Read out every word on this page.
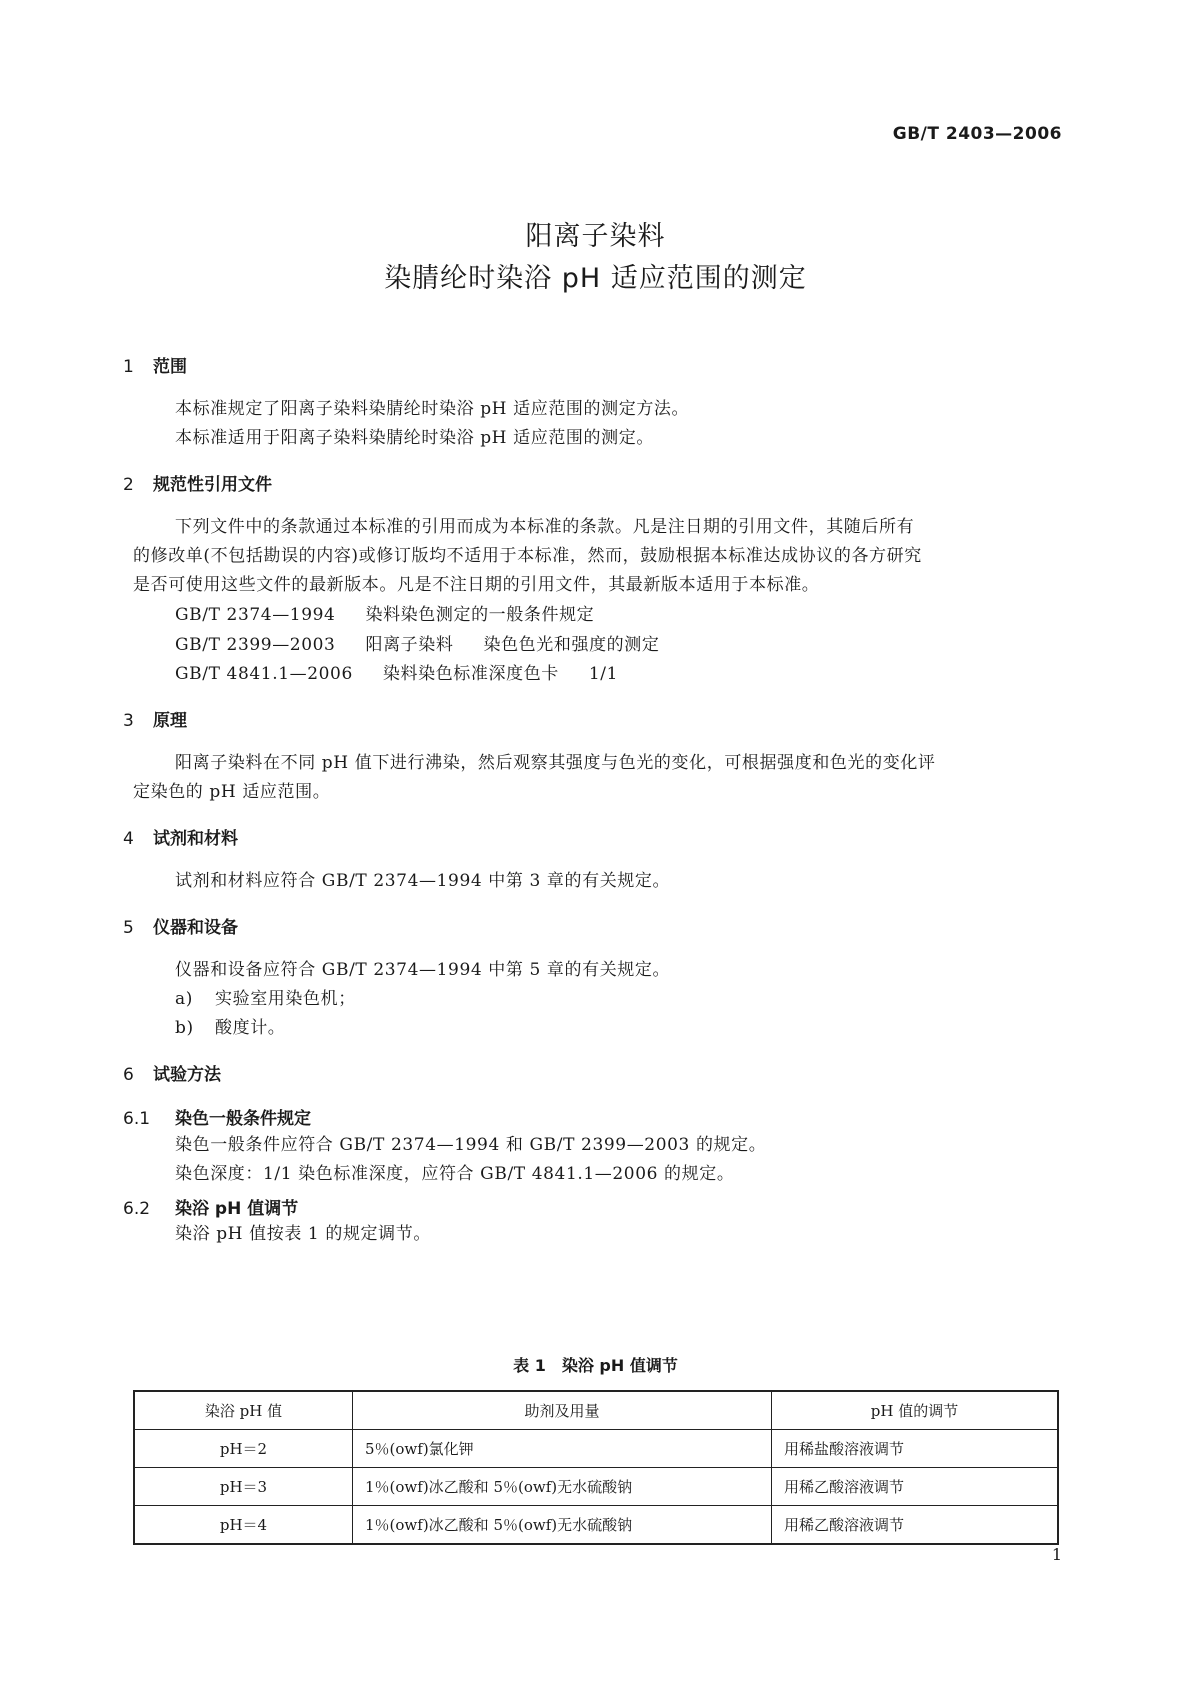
GB/T 2403—2006
阳离子染料
染腈纶时染浴 pH 适应范围的测定
1 范围
本标准规定了阳离子染料染腈纶时染浴 pH 适应范围的测定方法。
本标准适用于阳离子染料染腈纶时染浴 pH 适应范围的测定。
2 规范性引用文件
下列文件中的条款通过本标准的引用而成为本标准的条款。凡是注日期的引用文件，其随后所有
的修改单(不包括勘误的内容)或修订版均不适用于本标准，然而，鼓励根据本标准达成协议的各方研究
是否可使用这些文件的最新版本。凡是不注日期的引用文件，其最新版本适用于本标准。
GB/T 2374—1994 染料染色测定的一般条件规定
GB/T 2399—2003 阳离子染料 染色色光和强度的测定
GB/T 4841.1—2006 染料染色标准深度色卡 1/1
3 原理
阳离子染料在不同 pH 值下进行沸染，然后观察其强度与色光的变化，可根据强度和色光的变化评
定染色的 pH 适应范围。
4 试剂和材料
试剂和材料应符合 GB/T 2374—1994 中第 3 章的有关规定。
5 仪器和设备
仪器和设备应符合 GB/T 2374—1994 中第 5 章的有关规定。
a) 实验室用染色机；
b) 酸度计。
6 试验方法
6.1 染色一般条件规定
染色一般条件应符合 GB/T 2374—1994 和 GB/T 2399—2003 的规定。
染色深度：1/1 染色标准深度，应符合 GB/T 4841.1—2006 的规定。
6.2 染浴 pH 值调节
染浴 pH 值按表 1 的规定调节。
表 1　染浴 pH 值调节
染浴 pH 值	助剂及用量	pH 值的调节
pH＝2	5％(owf)氯化钾	用稀盐酸溶液调节
pH＝3	1％(owf)冰乙酸和 5％(owf)无水硫酸钠	用稀乙酸溶液调节
pH＝4	1％(owf)冰乙酸和 5％(owf)无水硫酸钠	用稀乙酸溶液调节
1
